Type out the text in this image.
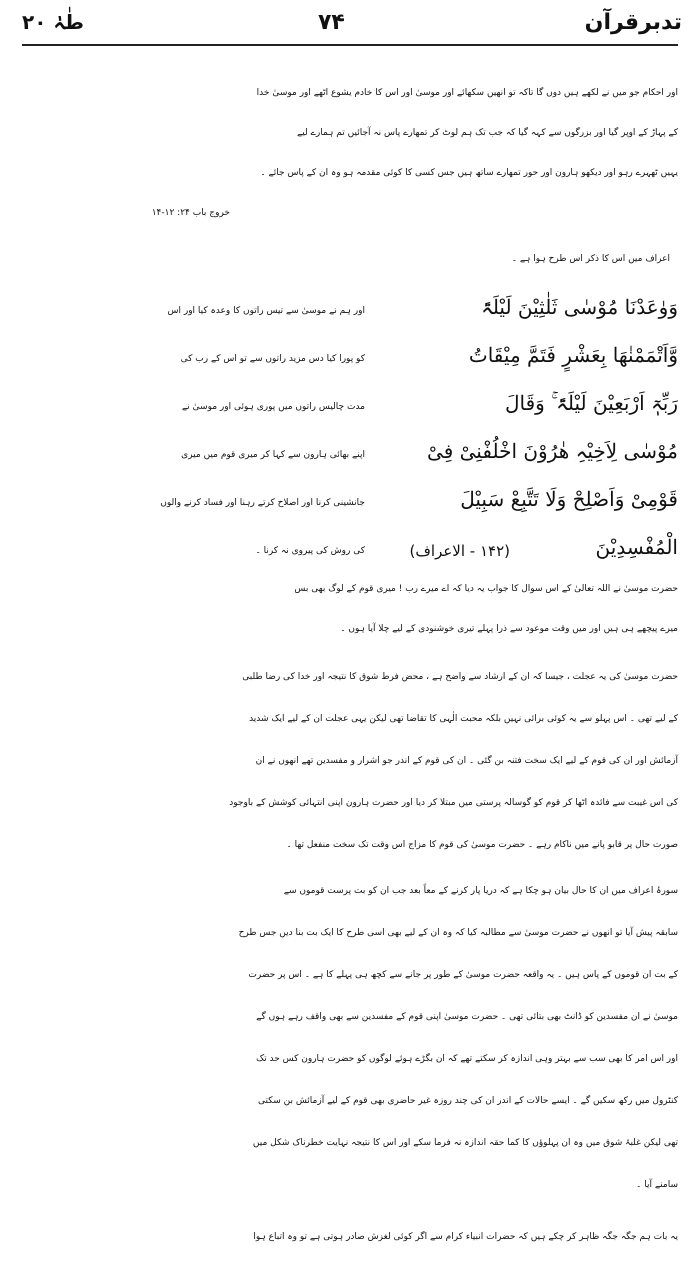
طٰہٰ ۲۰	۷۴	تدبرقرآن
اور احکام جو میں نے لکھے ہیں دوں گا تاکہ تو انھیں سکھائے اور موسیٰ اور اس کا خادم یشوع اٹھے اور موسیٰ خدا
کے پہاڑ کے اوپر گیا اور بزرگوں سے کہہ گیا کہ جب تک ہم لوٹ کر تمھارے پاس نہ آجائیں تم ہمارے لیے
یہیں ٹھہرے رہو اور دیکھو ہارون اور حور تمھارے ساتھ ہیں جس کسی کا کوئی مقدمہ ہو وہ ان کے پاس جائے ۔
خروج باب ۲۴: ۱۲-۱۴
اعراف میں اس کا ذکر اس طرح ہوا ہے ۔
وَوٰعَدْنَا مُوْسٰی ثَلٰثِیْنَ لَیْلَۃً
وَّاَتْمَمْنٰھَا بِعَشْرٍ فَتَمَّ مِیْقَاتُ
رَبِّہٖٓ اَرْبَعِیْنَ لَیْلَۃً ۚ وَقَالَ
مُوْسٰی لِاَخِیْہِ ھٰرُوْنَ اخْلُفْنِیْ فِیْ
قَوْمِیْ وَاَصْلِحْ وَلَا تَتَّبِعْ سَبِیْلَ
الْمُفْسِدِیْنَ
(۱۴۲ - الاعراف)
اور ہم نے موسیٰ سے تیس راتوں کا وعدہ کیا اور اس
کو پورا کیا دس مزید راتوں سے تو اس کے رب کی
مدت چالیس راتوں میں پوری ہوئی اور موسیٰ نے
اپنے بھائی ہارون سے کہا کر میری قوم میں میری
جانشینی کرنا اور اصلاح کرتے رہنا اور فساد کرنے والوں
کی روش کی پیروی نہ کرنا ۔
حضرت موسیٰ نے اللہ تعالیٰ کے اس سوال کا جواب یہ دیا کہ اے میرے رب ! میری قوم کے لوگ بھی بس
میرے پیچھے ہی ہیں اور میں وقت موعود سے ذرا پہلے تیری خوشنودی کے لیے چلا آیا ہوں ۔
حضرت موسیٰ کی یہ عجلت ، جیسا کہ ان کے ارشاد سے واضح ہے ، محض فرط شوق کا نتیجہ اور خدا کی رضا طلبی
کے لیے تھی ۔ اس پہلو سے یہ کوئی برائی نہیں بلکہ محبت الٰہی کا تقاضا تھی لیکن یہی عجلت ان کے لیے ایک شدید
آزمائش اور ان کی قوم کے لیے ایک سخت فتنہ بن گئی ۔ ان کی قوم کے اندر جو اشرار و مفسدین تھے انھوں نے ان
کی اس غیبت سے فائدہ اٹھا کر قوم کو گوسالہ پرستی میں مبتلا کر دیا اور حضرت ہارون اپنی انتہائی کوشش کے باوجود
صورت حال پر قابو پانے میں ناکام رہے ۔ حضرت موسیٰ کی قوم کا مزاج اس وقت تک سخت منفعل تھا ۔
سورۂ اعراف میں ان کا حال بیان ہو چکا ہے کہ دریا پار کرنے کے معاً بعد جب ان کو بت پرست قوموں سے
سابقہ پیش آیا تو انھوں نے حضرت موسیٰ سے مطالبہ کیا کہ وہ ان کے لیے بھی اسی طرح کا ایک بت بنا دیں جس طرح
کے بت ان قوموں کے پاس ہیں ۔ یہ واقعہ حضرت موسیٰ کے طور پر جانے سے کچھ ہی پہلے کا ہے ۔ اس پر حضرت
موسیٰ نے ان مفسدین کو ڈانٹ بھی بتائی تھی ۔ حضرت موسیٰ اپنی قوم کے مفسدین سے بھی واقف رہے ہوں گے
اور اس امر کا بھی سب سے بہتر وہی اندازہ کر سکتے تھے کہ ان بگڑے ہوئے لوگوں کو حضرت ہارون کس حد تک
کنٹرول میں رکھ سکیں گے ۔ ایسے حالات کے اندر ان کی چند روزہ غیر حاضری بھی قوم کے لیے آزمائش بن سکتی
تھی لیکن غلبۂ شوق میں وہ ان پہلوؤں کا کما حقہ اندازہ نہ فرما سکے اور اس کا نتیجہ نہایت خطرناک شکل میں
سامنے آیا ۔
یہ بات ہم جگہ جگہ ظاہر کر چکے ہیں کہ حضرات انبیاء کرام سے اگر کوئی لغزش صادر ہوتی ہے تو وہ اتباع ہوا
